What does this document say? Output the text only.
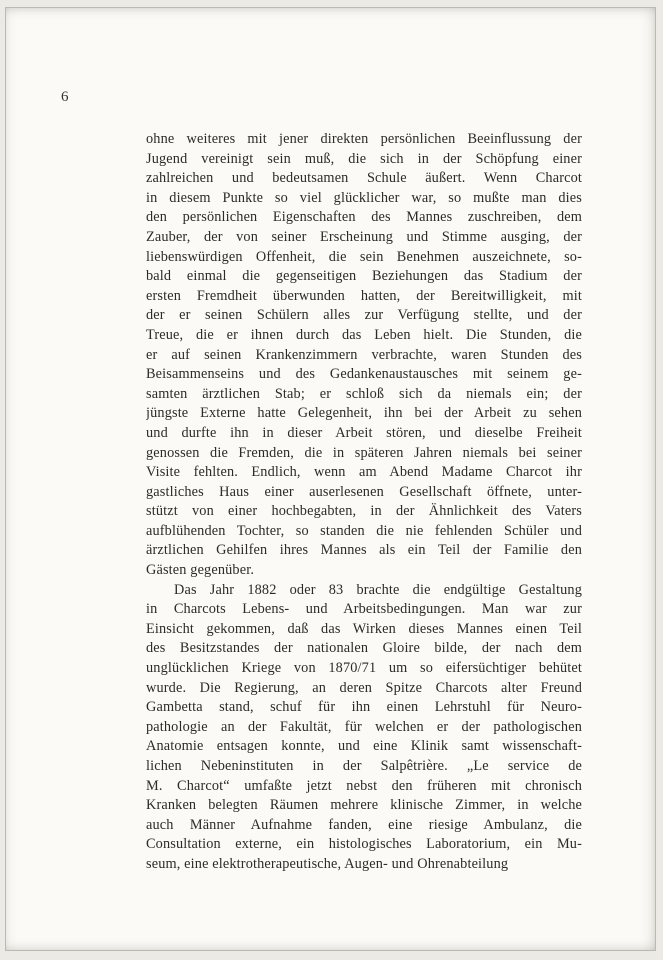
6
ohne weiteres mit jener direkten persönlichen Beeinflussung der
Jugend vereinigt sein muß, die sich in der Schöpfung einer
zahlreichen und bedeutsamen Schule äußert. Wenn Charcot
in diesem Punkte so viel glücklicher war, so mußte man dies
den persönlichen Eigenschaften des Mannes zuschreiben, dem
Zauber, der von seiner Erscheinung und Stimme ausging, der
liebenswürdigen Offenheit, die sein Benehmen auszeichnete, so-
bald einmal die gegenseitigen Beziehungen das Stadium der
ersten Fremdheit überwunden hatten, der Bereitwilligkeit, mit
der er seinen Schülern alles zur Verfügung stellte, und der
Treue, die er ihnen durch das Leben hielt. Die Stunden, die
er auf seinen Krankenzimmern verbrachte, waren Stunden des
Beisammenseins und des Gedankenaustausches mit seinem ge-
samten ärztlichen Stab; er schloß sich da niemals ein; der
jüngste Externe hatte Gelegenheit, ihn bei der Arbeit zu sehen
und durfte ihn in dieser Arbeit stören, und dieselbe Freiheit
genossen die Fremden, die in späteren Jahren niemals bei seiner
Visite fehlten. Endlich, wenn am Abend Madame Charcot ihr
gastliches Haus einer auserlesenen Gesellschaft öffnete, unter-
stützt von einer hochbegabten, in der Ähnlichkeit des Vaters
aufblühenden Tochter, so standen die nie fehlenden Schüler und
ärztlichen Gehilfen ihres Mannes als ein Teil der Familie den
Gästen gegenüber.
Das Jahr 1882 oder 83 brachte die endgültige Gestaltung
in Charcots Lebens- und Arbeitsbedingungen. Man war zur
Einsicht gekommen, daß das Wirken dieses Mannes einen Teil
des Besitzstandes der nationalen Gloire bilde, der nach dem
unglücklichen Kriege von 1870/71 um so eifersüchtiger behütet
wurde. Die Regierung, an deren Spitze Charcots alter Freund
Gambetta stand, schuf für ihn einen Lehrstuhl für Neuro-
pathologie an der Fakultät, für welchen er der pathologischen
Anatomie entsagen konnte, und eine Klinik samt wissenschaft-
lichen Nebeninstituten in der Salpêtrière. „Le service de
M. Charcot“ umfaßte jetzt nebst den früheren mit chronisch
Kranken belegten Räumen mehrere klinische Zimmer, in welche
auch Männer Aufnahme fanden, eine riesige Ambulanz, die
Consultation externe, ein histologisches Laboratorium, ein Mu-
seum, eine elektrotherapeutische, Augen- und Ohrenabteilung
